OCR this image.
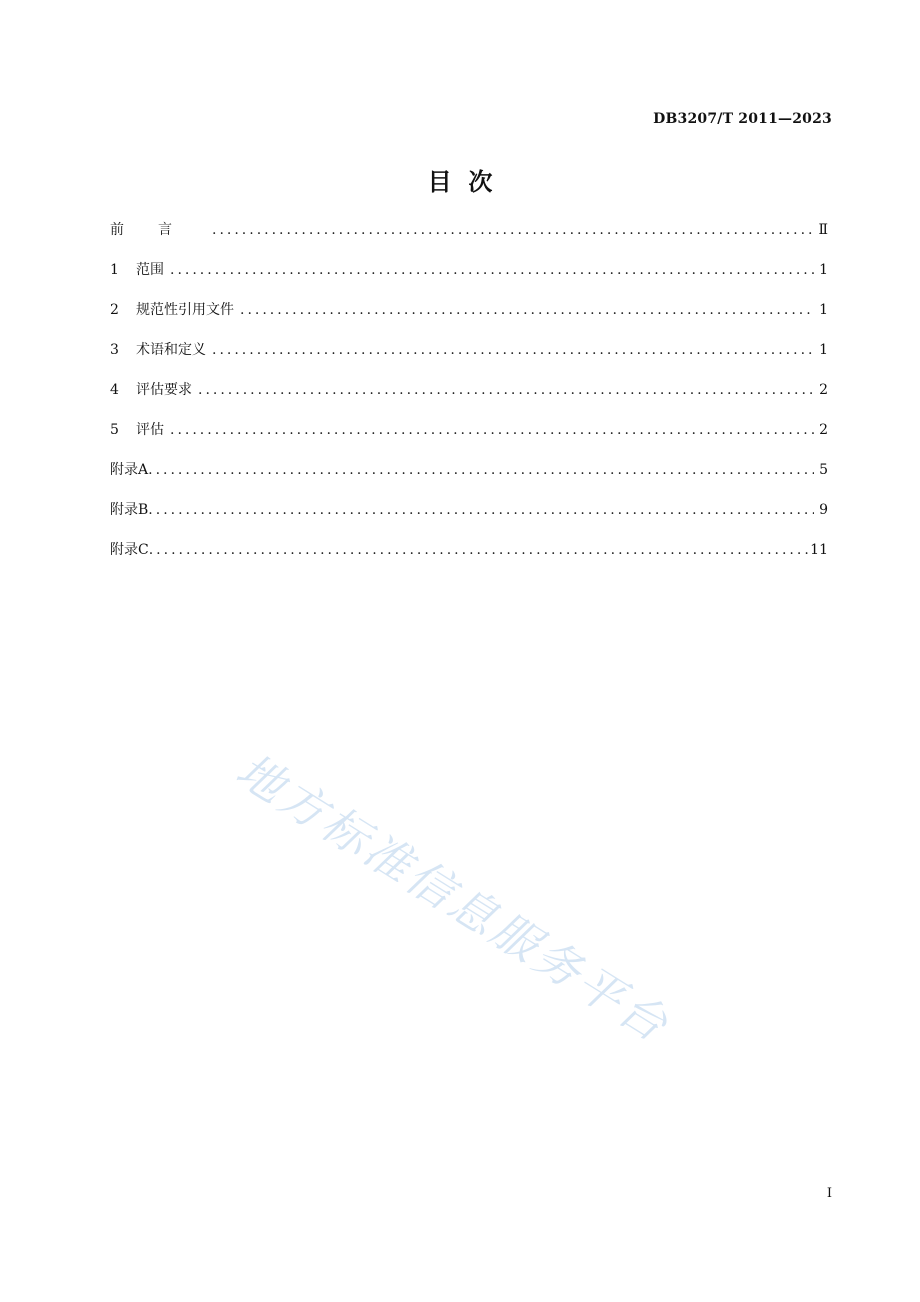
DB3207/T 2011—2023
目  次
前言 .....	Ⅱ
1	范围 .....	1
2	规范性引用文件 .....	1
3	术语和定义 .....	1
4	评估要求 .....	2
5	评估 .....	2
附录A .....	5
附录B .....	9
附录C .....	11
地方标准信息服务平台
I
